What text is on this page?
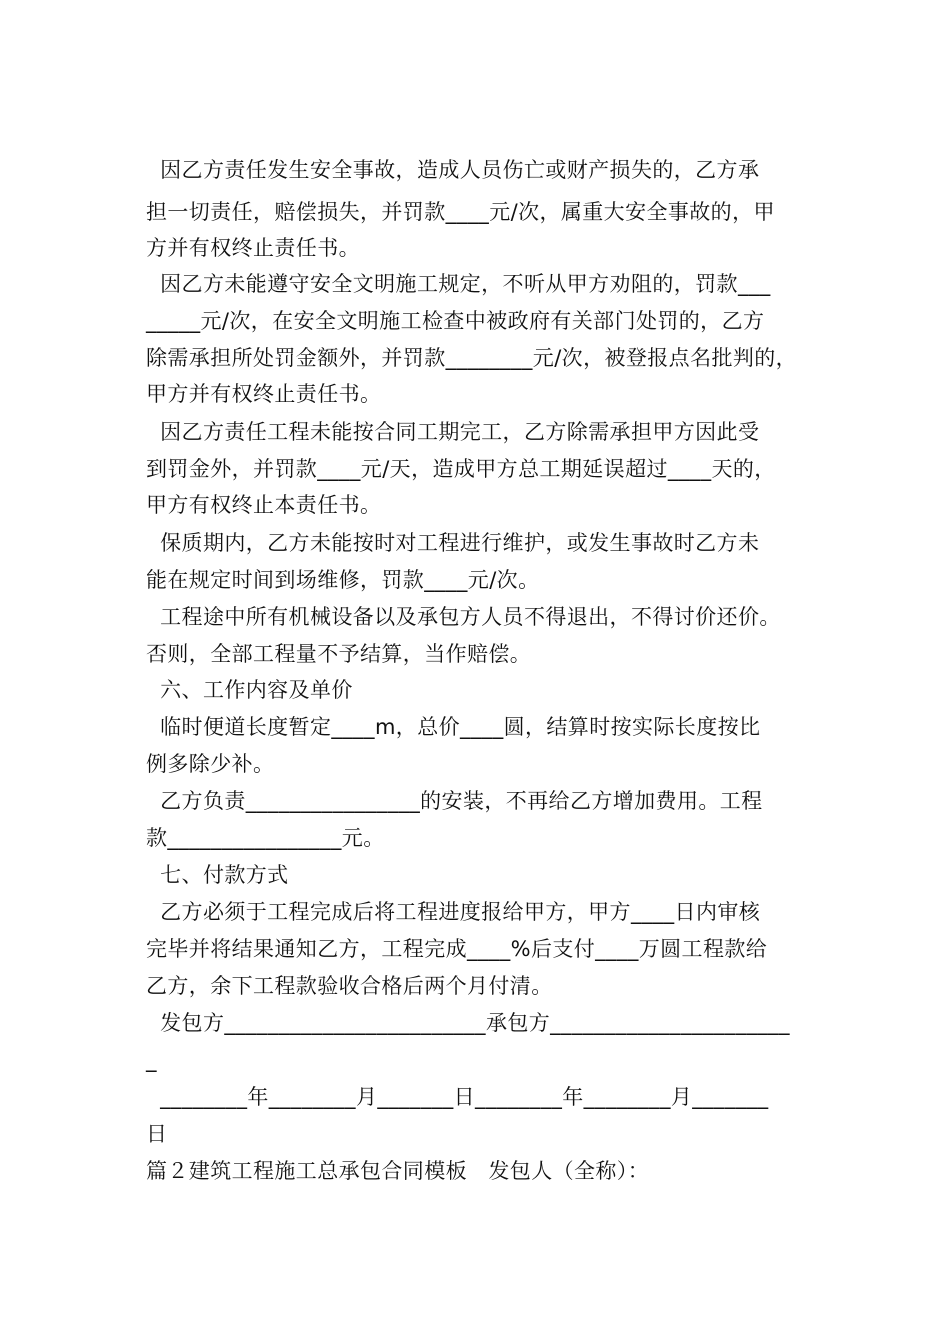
因乙方责任发生安全事故，造成人员伤亡或财产损失的，乙方承
担一切责任，赔偿损失，并罚款____元/次，属重大安全事故的，甲
方并有权终止责任书。
因乙方未能遵守安全文明施工规定，不听从甲方劝阻的，罚款___
_____元/次，在安全文明施工检查中被政府有关部门处罚的，乙方
除需承担所处罚金额外，并罚款________元/次，被登报点名批判的，
甲方并有权终止责任书。
因乙方责任工程未能按合同工期完工，乙方除需承担甲方因此受
到罚金外，并罚款____元/天，造成甲方总工期延误超过____天的，
甲方有权终止本责任书。
保质期内，乙方未能按时对工程进行维护，或发生事故时乙方未
能在规定时间到场维修，罚款____元/次。
工程途中所有机械设备以及承包方人员不得退出，不得讨价还价。
否则，全部工程量不予结算，当作赔偿。
六、工作内容及单价
临时便道长度暂定____m，总价____圆，结算时按实际长度按比
例多除少补。
乙方负责________________的安装，不再给乙方增加费用。工程
款________________元。
七、付款方式
乙方必须于工程完成后将工程进度报给甲方，甲方____日内审核
完毕并将结果通知乙方，工程完成____%后支付____万圆工程款给
乙方，余下工程款验收合格后两个月付清。
发包方________________________承包方______________________
_
________年________月_______日________年________月_______
日
篇２建筑工程施工总承包合同模板　发包人（全称）：
